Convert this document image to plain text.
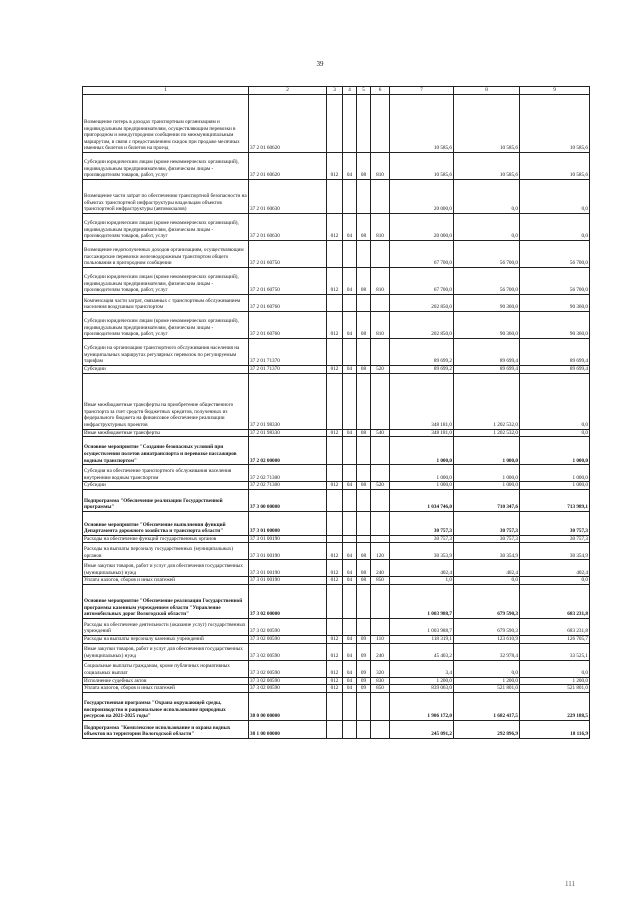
39
1	2	3	4	5	6	7	8	9
Возмещение потерь в доходах транспортным организациям и индивидуальным предпринимателям, осуществляющим перевозки в пригородном и междугородном сообщении по межмуниципальным маршрутам, в связи с предоставлением скидок при продаже месячных именных билетов и билетов на проезд	37 2 01 60620					10 585,6	10 585,6	10 585,6
Субсидии юридическим лицам (кроме некоммерческих организаций), индивидуальным предпринимателям, физическим лицам - производителям товаров, работ, услуг	37 2 01 60620	012	04	08	810	10 585,6	10 585,6	10 585,6
Возмещение части затрат по обеспечению транспортной безопасности на объектах транспортной инфраструктуры владельцам объектов транспортной инфраструктуры (автовокзалов)	37 2 01 60630					20 000,0	0,0	0,0
Субсидии юридическим лицам (кроме некоммерческих организаций), индивидуальным предпринимателям, физическим лицам - производителям товаров, работ, услуг	37 2 01 60630	012	04	08	810	20 000,0	0,0	0,0
Возмещение недополученных доходов организациям, осуществляющим пассажирские перевозки железнодорожным транспортом общего пользования в пригородном сообщении	37 2 01 60750					67 700,0	56 700,0	56 700,0
Субсидии юридическим лицам (кроме некоммерческих организаций), индивидуальным предпринимателям, физическим лицам - производителям товаров, работ, услуг	37 2 01 60750	012	04	08	810	67 700,0	56 700,0	56 700,0
Компенсация части затрат, связанных с транспортным обслуживанием населения воздушным транспортом	37 2 01 60760					202 850,0	90 360,0	90 360,0
Субсидии юридическим лицам (кроме некоммерческих организаций), индивидуальным предпринимателям, физическим лицам - производителям товаров, работ, услуг	37 2 01 60760	012	04	08	810	202 850,0	90 360,0	90 360,0
Субсидии на организацию транспортного обслуживания населения на муниципальных маршрутах регулярных перевозок по регулируемым тарифам	37 2 01 71370					89 699,2	89 699,4	89 699,4
Субсидии	37 2 01 71370	012	04	08	520	89 699,2	89 699,4	89 699,4
Иные межбюджетные трансферты на приобретение общественного транспорта за счет средств бюджетных кредитов, полученных из федерального бюджета на финансовое обеспечение реализации инфраструктурных проектов	37 2 01 98330					348 181,0	1 202 532,0	0,0
Иные межбюджетные трансферты	37 2 01 98330	012	04	08	540	348 181,0	1 202 532,0	0,0
Основное мероприятие "Создание безопасных условий при осуществлении полетов авиатранспорта и перевозке пассажиров водным транспортом"	37 2 02 00000					1 000,0	1 000,0	1 000,0
Субсидия на обеспечение транспортного обслуживания населения внутренним водным транспортом	37 2 02 71300					1 000,0	1 000,0	1 000,0
Субсидии	37 2 02 71300	012	04	08	520	1 000,0	1 000,0	1 000,0
Подпрограмма "Обеспечение реализации Государственной программы"	37 3 00 00000					1 034 746,0	710 347,6	713 989,1
Основное мероприятие "Обеспечение выполнения функций Департамента дорожного хозяйства и транспорта области"	37 3 01 00000					30 757,3	30 757,3	30 757,3
Расходы на обеспечение функций государственных органов	37 3 01 00190					30 757,3	30 757,3	30 757,3
Расходы на выплаты персоналу государственных (муниципальных) органов	37 3 01 00190	012	04	08	120	30 353,9	30 354,9	30 354,9
Иные закупки товаров, работ и услуг для обеспечения государственных (муниципальных) нужд	37 3 01 00190	012	04	08	240	402,4	402,4	402,4
Уплата налогов, сборов и иных платежей	37 3 01 00190	012	04	08	850	1,0	0,0	0,0
Основное мероприятие "Обеспечение реализации Государственной программы казенным учреждением области "Управление автомобильных дорог Вологодской области"	37 3 02 00000					1 003 988,7	679 590,3	683 231,8
Расходы на обеспечение деятельности (оказание услуг) государственных учреждений	37 3 02 00590					1 003 988,7	679 590,3	683 231,8
Расходы на выплаты персоналу казенных учреждений	37 3 02 00590	012	04	09	110	118 319,1	123 610,9	126 705,7
Иные закупки товаров, работ и услуг для обеспечения государственных (муниципальных) нужд	37 3 02 00590	012	04	09	240	45 403,2	32 978,4	33 525,1
Социальные выплаты гражданам, кроме публичных нормативных социальных выплат	37 3 02 00590	012	04	09	320	3,4	0,0	0,0
Исполнение судебных актов	37 3 02 00590	012	04	09	830	1 200,0	1 200,0	1 200,0
Уплата налогов, сборов и иных платежей	37 3 02 00590	012	04	09	850	839 063,0	521 801,0	521 801,0
Государственная программа "Охрана окружающей среды, воспроизводство и рациональное использование природных ресурсов на 2021-2025 годы"	38 0 00 00000					1 906 172,0	1 682 417,5	229 188,5
Подпрограмма "Комплексное использование и охрана водных объектов на территории Вологодской области"	38 1 00 00000					245 091,2	292 896,9	18 116,9
111
